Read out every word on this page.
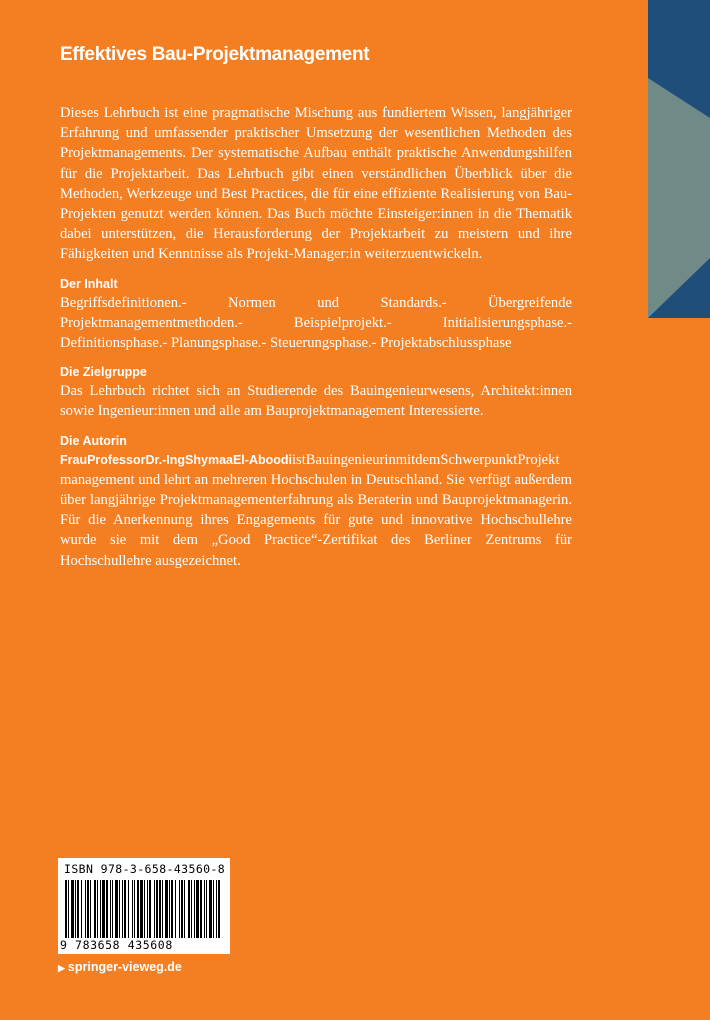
Effektives Bau-Projektmanagement

Dieses Lehrbuch ist eine pragmatische Mischung aus fundiertem Wissen, langjähriger Erfahrung und umfassender praktischer Umsetzung der wesentlichen Methoden des Projektmanagements. Der systematische Aufbau enthält praktische Anwendungshilfen für die Projektarbeit. Das Lehrbuch gibt einen verständlichen Überblick über die Methoden, Werkzeuge und Best Practices, die für eine effiziente Realisierung von Bau-Projekten genutzt werden können. Das Buch möchte Einsteiger:innen in die Thematik dabei unterstützen, die Herausforderung der Projektarbeit zu meistern und ihre Fähigkeiten und Kenntnisse als Projekt-Manager:in weiterzuentwickeln.

Der Inhalt

Begriffsdefinitionen.- Normen und Standards.- Übergreifende Projektmanagementmethoden.- Beispielprojekt.- Initialisierungsphase.- Definitionsphase.- Planungsphase.- Steuerungsphase.- Projektabschlussphase

Die Zielgruppe

Das Lehrbuch richtet sich an Studierende des Bauingenieurwesens, Architekt:innen sowie Ingenieur:innen und alle am Bauprojektmanagement Interessierte.

Die Autorin

FrauProfessorDr.-IngShymaaEl-AboodiistBauingenieurinmitdemSchwerpunktProjekt management und lehrt an mehreren Hochschulen in Deutschland. Sie verfügt außerdem über langjährige Projektmanagementerfahrung als Beraterin und Bauprojektmanagerin. Für die Anerkennung ihres Engagements für gute und innovative Hochschullehre wurde sie mit dem „Good Practice“-Zertifikat des Berliner Zentrums für Hochschullehre ausgezeichnet.

ISBN 978-3-658-43560-8
9 783658 435608
▶ springer-vieweg.de
